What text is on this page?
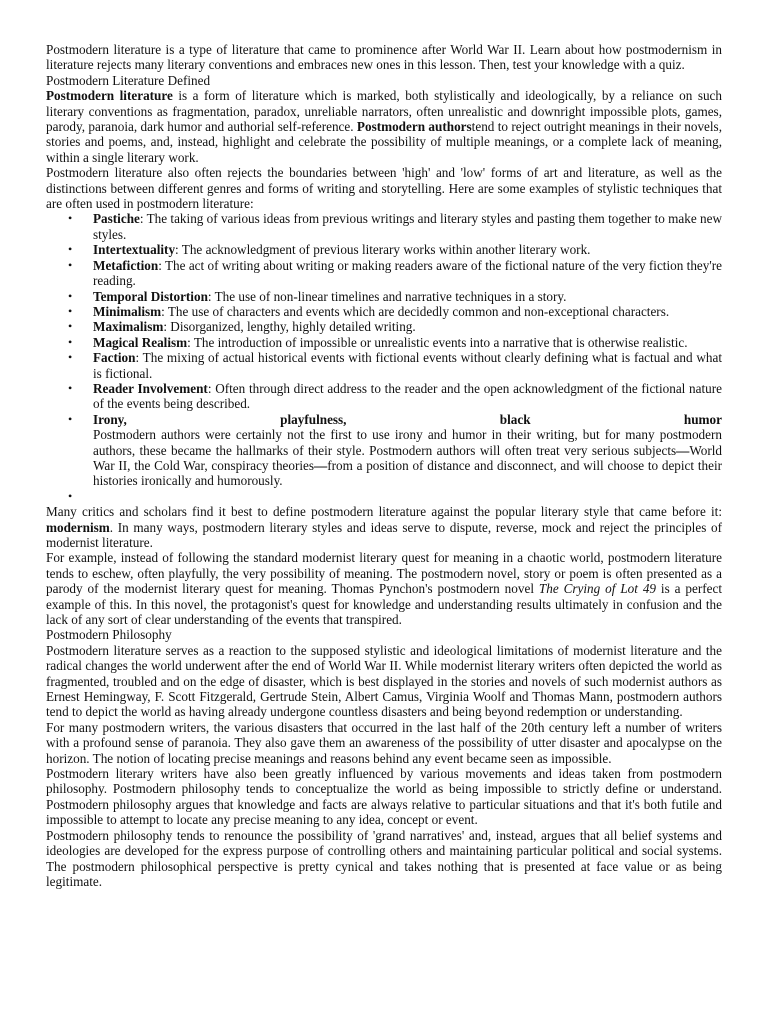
Postmodern literature is a type of literature that came to prominence after World War II. Learn about how postmodernism in literature rejects many literary conventions and embraces new ones in this lesson. Then, test your knowledge with a quiz.

Postmodern Literature Defined

Postmodern literature is a form of literature which is marked, both stylistically and ideologically, by a reliance on such literary conventions as fragmentation, paradox, unreliable narrators, often unrealistic and downright impossible plots, games, parody, paranoia, dark humor and authorial self-reference. Postmodern authorstend to reject outright meanings in their novels, stories and poems, and, instead, highlight and celebrate the possibility of multiple meanings, or a complete lack of meaning, within a single literary work.

Postmodern literature also often rejects the boundaries between 'high' and 'low' forms of art and literature, as well as the distinctions between different genres and forms of writing and storytelling. Here are some examples of stylistic techniques that are often used in postmodern literature:

• Pastiche: The taking of various ideas from previous writings and literary styles and pasting them together to make new styles.
• Intertextuality: The acknowledgment of previous literary works within another literary work.
• Metafiction: The act of writing about writing or making readers aware of the fictional nature of the very fiction they're reading.
• Temporal Distortion: The use of non-linear timelines and narrative techniques in a story.
• Minimalism: The use of characters and events which are decidedly common and non-exceptional characters.
• Maximalism: Disorganized, lengthy, highly detailed writing.
• Magical Realism: The introduction of impossible or unrealistic events into a narrative that is otherwise realistic.
• Faction: The mixing of actual historical events with fictional events without clearly defining what is factual and what is fictional.
• Reader Involvement: Often through direct address to the reader and the open acknowledgment of the fictional nature of the events being described.
• Irony,	playfulness,	black	humor
Postmodern authors were certainly not the first to use irony and humor in their writing, but for many postmodern authors, these became the hallmarks of their style. Postmodern authors will often treat very serious subjects—World War II, the Cold War, conspiracy theories—from a position of distance and disconnect, and will choose to depict their histories ironically and humorously.
•

Many critics and scholars find it best to define postmodern literature against the popular literary style that came before it: modernism. In many ways, postmodern literary styles and ideas serve to dispute, reverse, mock and reject the principles of modernist literature.

For example, instead of following the standard modernist literary quest for meaning in a chaotic world, postmodern literature tends to eschew, often playfully, the very possibility of meaning. The postmodern novel, story or poem is often presented as a parody of the modernist literary quest for meaning. Thomas Pynchon's postmodern novel The Crying of Lot 49 is a perfect example of this. In this novel, the protagonist's quest for knowledge and understanding results ultimately in confusion and the lack of any sort of clear understanding of the events that transpired.

Postmodern Philosophy

Postmodern literature serves as a reaction to the supposed stylistic and ideological limitations of modernist literature and the radical changes the world underwent after the end of World War II. While modernist literary writers often depicted the world as fragmented, troubled and on the edge of disaster, which is best displayed in the stories and novels of such modernist authors as Ernest Hemingway, F. Scott Fitzgerald, Gertrude Stein, Albert Camus, Virginia Woolf and Thomas Mann, postmodern authors tend to depict the world as having already undergone countless disasters and being beyond redemption or understanding.

For many postmodern writers, the various disasters that occurred in the last half of the 20th century left a number of writers with a profound sense of paranoia. They also gave them an awareness of the possibility of utter disaster and apocalypse on the horizon. The notion of locating precise meanings and reasons behind any event became seen as impossible.

Postmodern literary writers have also been greatly influenced by various movements and ideas taken from postmodern philosophy. Postmodern philosophy tends to conceptualize the world as being impossible to strictly define or understand. Postmodern philosophy argues that knowledge and facts are always relative to particular situations and that it's both futile and impossible to attempt to locate any precise meaning to any idea, concept or event.

Postmodern philosophy tends to renounce the possibility of 'grand narratives' and, instead, argues that all belief systems and ideologies are developed for the express purpose of controlling others and maintaining particular political and social systems. The postmodern philosophical perspective is pretty cynical and takes nothing that is presented at face value or as being legitimate.
